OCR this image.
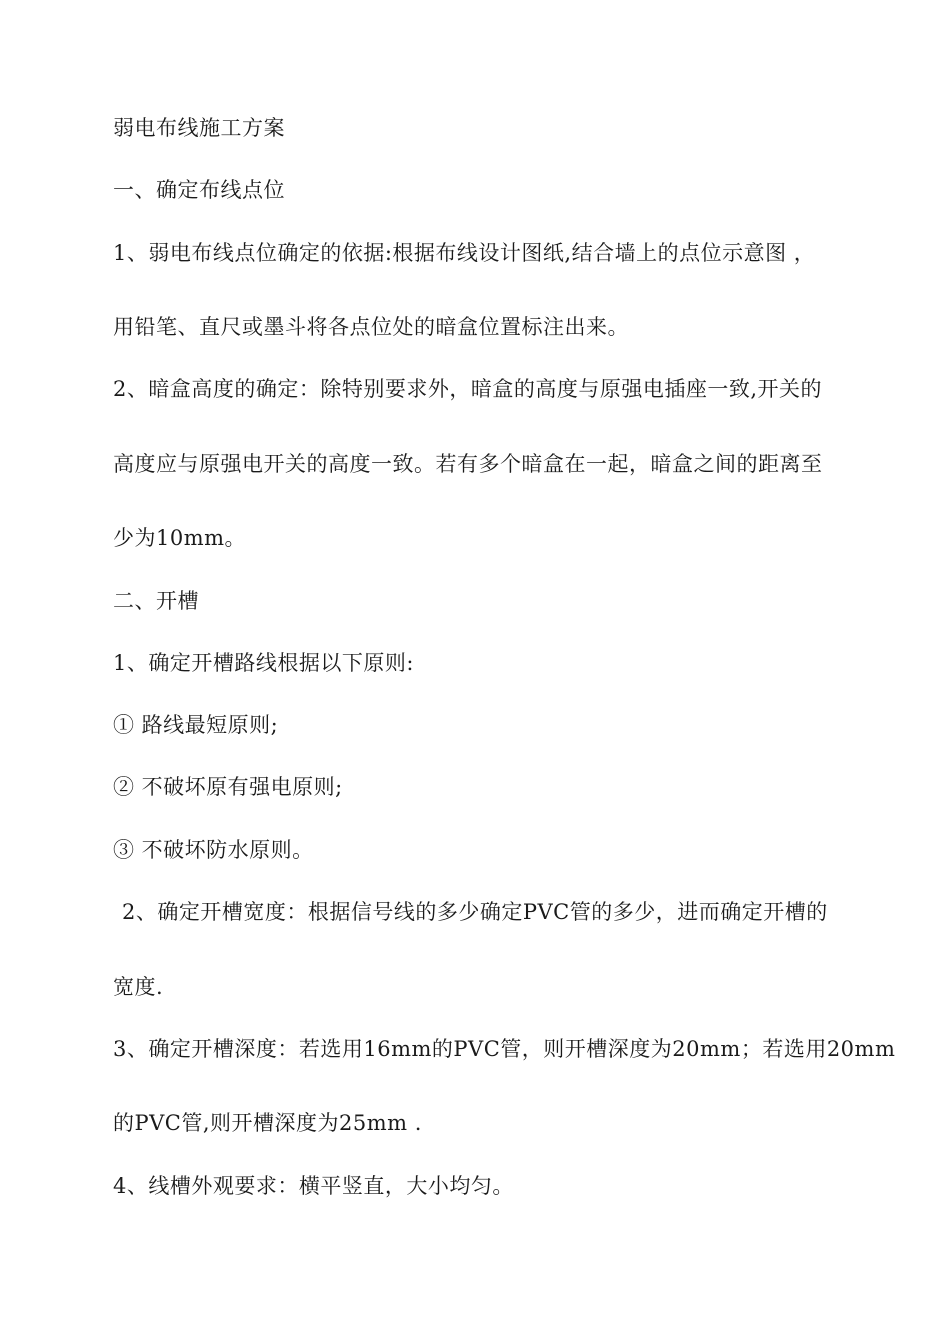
弱电布线施工方案
一、确定布线点位
1、弱电布线点位确定的依据:根据布线设计图纸,结合墙上的点位示意图 ，
用铅笔、直尺或墨斗将各点位处的暗盒位置标注出来。
2、暗盒高度的确定：除特别要求外，暗盒的高度与原强电插座一致,开关的
高度应与原强电开关的高度一致。若有多个暗盒在一起，暗盒之间的距离至
少为10mm。
二、开槽
1、确定开槽路线根据以下原则:
① 路线最短原则;
② 不破坏原有强电原则;
③ 不破坏防水原则。
2、确定开槽宽度：根据信号线的多少确定PVC管的多少，进而确定开槽的
宽度.
3、确定开槽深度：若选用16mm的PVC管，则开槽深度为20mm；若选用20mm
的PVC管,则开槽深度为25mm .
4、线槽外观要求：横平竖直，大小均匀。
